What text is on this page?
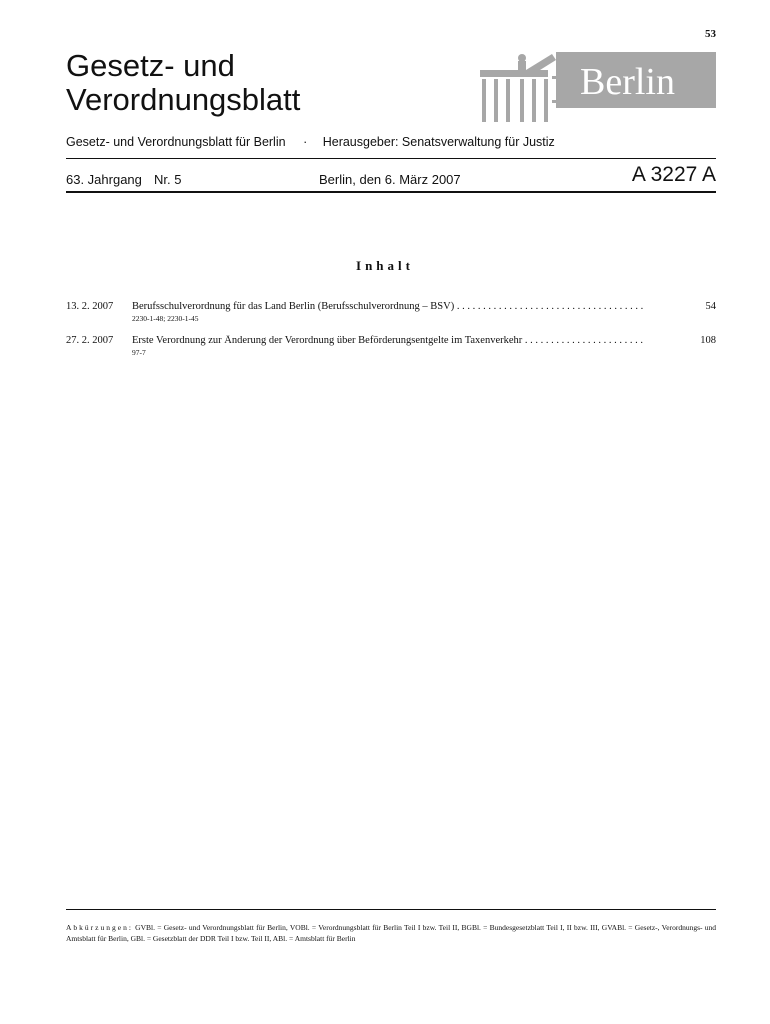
53
Gesetz- und
Verordnungsblatt	Berlin
Gesetz- und Verordnungsblatt für Berlin · Herausgeber: Senatsverwaltung für Justiz
63. Jahrgang Nr. 5	Berlin, den 6. März 2007	A 3227 A
Inhalt
13. 2. 2007 Berufsschulverordnung für das Land Berlin (Berufsschulverordnung – BSV) . . .	54
2230-1-48; 2230-1-45
27. 2. 2007 Erste Verordnung zur Änderung der Verordnung über Beförderungsentgelte im Taxenverkehr . . .	108
97-7
Abkürzungen: GVBl. = Gesetz- und Verordnungsblatt für Berlin, VOBl. = Verordnungsblatt für Berlin Teil I bzw. Teil II, BGBl. = Bundesgesetzblatt Teil I, II bzw. III, GVABl. = Gesetz-, Verordnungs- und Amtsblatt für Berlin, GBl. = Gesetzblatt der DDR Teil I bzw. Teil II, ABl. = Amtsblatt für Berlin
